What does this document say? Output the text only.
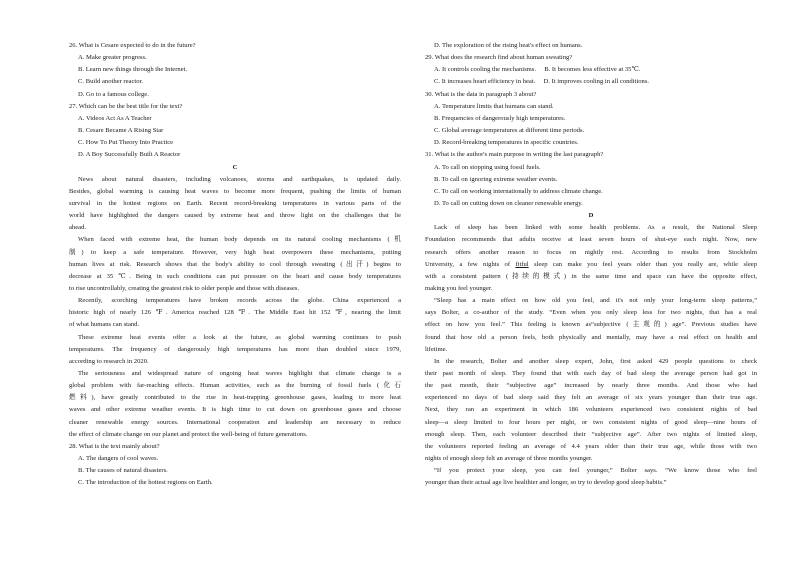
26. What is Cesare expected to do in the future?
A. Make greater progress.
B. Learn new things through the Internet.
C. Build another reactor.
D. Go to a famous college.
27. Which can be the best title for the text?
A. Videos Act As A Teacher
B. Cesare Became A Rising Star
C. How To Put Theory Into Practice
D. A Boy Successfully Built A Reactor
C
News about natural disasters, including volcanoes, storms and earthquakes, is updated daily.
Besides, global warming is causing heat waves to become more frequent, pushing the limits of human
survival in the hottest regions on Earth. Recent record-breaking temperatures in various parts of the
world have highlighted the dangers caused by extreme heat and throw light on the challenges that lie
ahead.
When faced with extreme heat, the human body depends on its natural cooling mechanisms (机
制) to keep a safe temperature. However, very high heat overpowers these mechanisms, putting
human lives at risk. Research shows that the body's ability to cool through sweating (出汗) begins to
decrease at 35 ℃. Being in such conditions can put pressure on the heart and cause body temperatures
to rise uncontrollably, creating the greatest risk to older people and those with diseases.
Recently, scorching temperatures have broken records across the globe. China experienced a
historic high of nearly 126 ℉. America reached 128 ℉. The Middle East hit 152 ℉, nearing the limit
of what humans can stand.
These extreme heat events offer a look at the future, as global warming continues to push
temperatures. The frequency of dangerously high temperatures has more than doubled since 1979,
according to research in 2020.
The seriousness and widespread nature of ongoing heat waves highlight that climate change is a
global problem with far-reaching effects. Human activities, such as the burning of fossil fuels (化石
燃料), have greatly contributed to the rise in heat-trapping greenhouse gases, leading to more heat
waves and other extreme weather events. It is high time to cut down on greenhouse gases and choose
cleaner renewable energy sources. International cooperation and leadership are necessary to reduce
the effect of climate change on our planet and protect the well-being of future generations.
28. What is the text mainly about?
A. The dangers of cool waves.
B. The causes of natural disasters.
C. The introduction of the hottest regions on Earth.
D. The exploration of the rising heat's effect on humans.
29. What does the research find about human sweating?
A. It controls cooling the mechanisms.     B. It becomes less effective at 35℃.
C. It increases heart efficiency in heat.     D. It improves cooling in all conditions.
30. What is the data in paragraph 3 about?
A. Temperature limits that humans can stand.
B. Frequencies of dangerously high temperatures.
C. Global average temperatures at different time periods.
D. Record-breaking temperatures in specific countries.
31. What is the author's main purpose in writing the last paragraph?
A. To call on stopping using fossil fuels.
B. To call on ignoring extreme weather events.
C. To call on working internationally to address climate change.
D. To call on cutting down on cleaner renewable energy.
D
Lack of sleep has been linked with some health problems. As a result, the National Sleep
Foundation recommends that adults receive at least seven hours of shut-eye each night. Now, new
research offers another reason to focus on nightly rest. According to results from Stockholm
University, a few nights of fitful sleep can make you feel years older than you really are, while sleep
with a consistent pattern (持续的模式) in the same time and space can have the opposite effect,
making you feel younger.
“Sleep has a main effect on how old you feel, and it's not only your long-term sleep patterns,”
says Bolter, a co-author of the study. “Even when you only sleep less for two nights, that has a real
effect on how you feel.” This feeling is known as“subjective (主观的) age”. Previous studies have
found that how old a person feels, both physically and mentally, may have a real effect on health and
lifetime.
In the research, Bolter and another sleep expert, John, first asked 429 people questions to check
their past month of sleep. They found that with each day of bad sleep the average person had got in
the past month, their “subjective age” increased by nearly three months. And those who had
experienced no days of bad sleep said they felt an average of six years younger than their true age.
Next, they ran an experiment in which 186 volunteers experienced two consistent nights of bad
sleep—a sleep limited to four hours per night, or two consistent nights of good sleep—nine hours of
enough sleep. Then, each volunteer described their “subjective age”. After two nights of limited sleep,
the volunteers reported feeling an average of 4.4 years older than their true age, while those with two
nights of enough sleep felt an average of three months younger.
“If you protect your sleep, you can feel younger,” Bolter says. “We know those who feel
younger than their actual age live healthier and longer, so try to develop good sleep habits.”
